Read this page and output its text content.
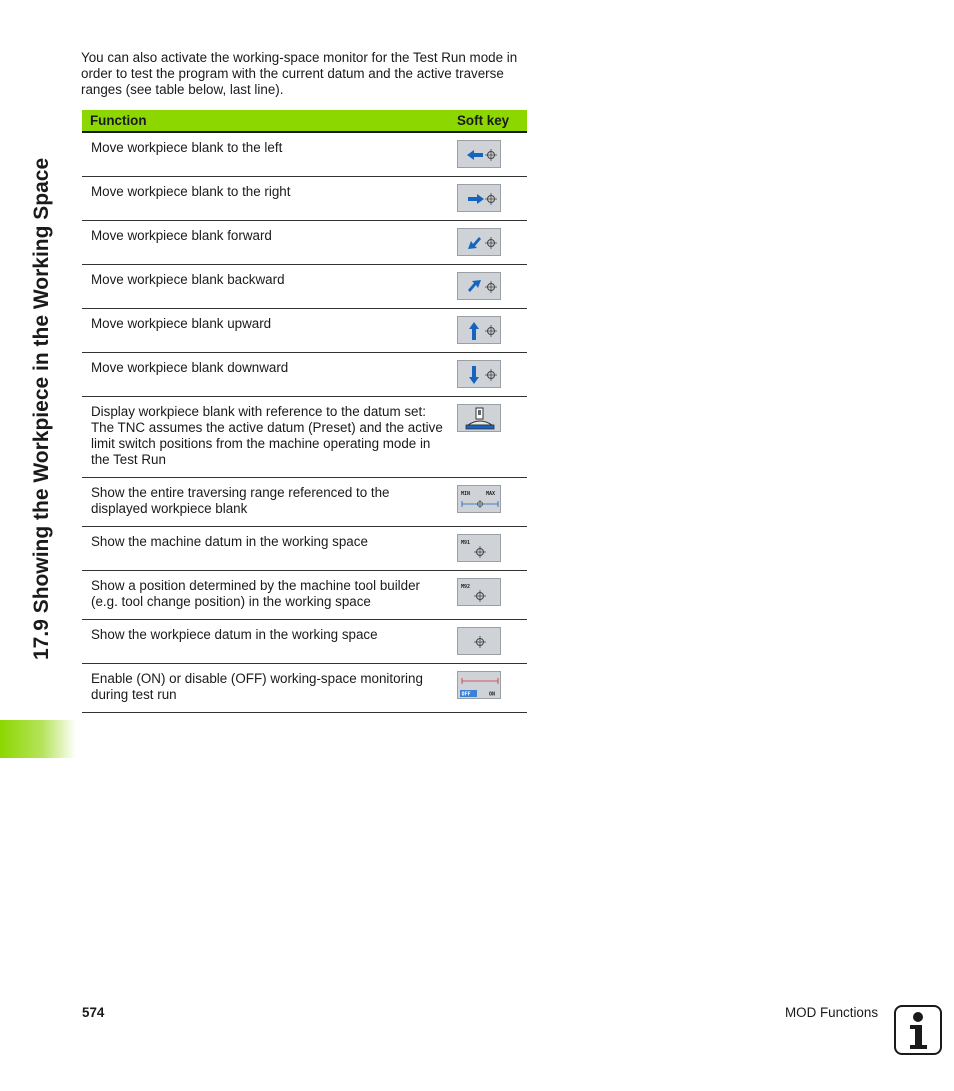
17.9 Showing the Workpiece in the Working Space
You can also activate the working-space monitor for the Test Run mode in order to test the program with the current datum and the active traverse ranges (see table below, last line).
Function	Soft key
Move workpiece blank to the left	

Move workpiece blank to the right	

Move workpiece blank forward	

Move workpiece blank backward	

Move workpiece blank upward	

Move workpiece blank downward	

Display workpiece blank with reference to the datum set: The TNC assumes the active datum (Preset) and the active limit switch positions from the machine operating mode in the Test Run	

Show the entire traversing range referenced to the displayed workpiece blank	MIN MAX

Show the machine datum in the working space	M91

Show a position determined by the machine tool builder (e.g. tool change position) in the working space	M92

Show the workpiece datum in the working space	

Enable (ON) or disable (OFF) working-space monitoring during test run	OFF ON
574	MOD Functions
